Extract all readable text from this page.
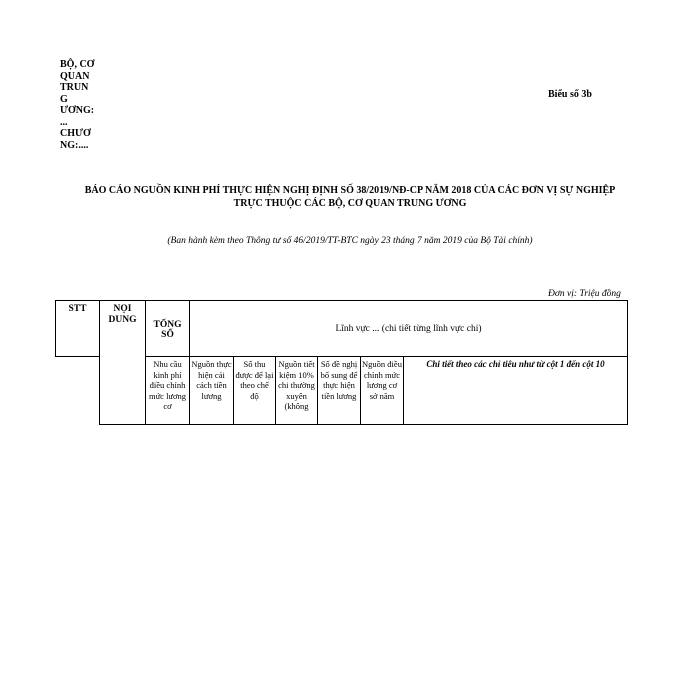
BỘ, CƠ
QUAN
TRUN
G
ƯƠNG:
...
CHƯƠ
NG:....
Biểu số 3b
BÁO CÁO NGUỒN KINH PHÍ THỰC HIỆN NGHỊ ĐỊNH SỐ 38/2019/NĐ-CP NĂM 2018 CỦA CÁC ĐƠN VỊ SỰ NGHIỆP
TRỰC THUỘC CÁC BỘ, CƠ QUAN TRUNG ƯƠNG
(Ban hành kèm theo Thông tư số 46/2019/TT-BTC ngày 23 tháng 7 năm 2019 của Bộ Tài chính)
Đơn vị: Triệu đồng
STT	NỘI DUNG	TỔNG SỐ	Lĩnh vực ... (chi tiết từng lĩnh vực chi)					

		Nhu cầu kinh phí điều chỉnh mức lương cơ	Nguồn thực hiện cải cách tiền lương	Số thu được để lại theo chế độ	Nguồn tiết kiệm 10% chi thường xuyên (không	Số đề nghị bổ sung để thực hiện tiền lương	Nguồn điều chỉnh mức lương cơ sở năm	Chi tiết theo các chỉ tiêu như từ cột 1 đến cột 10
